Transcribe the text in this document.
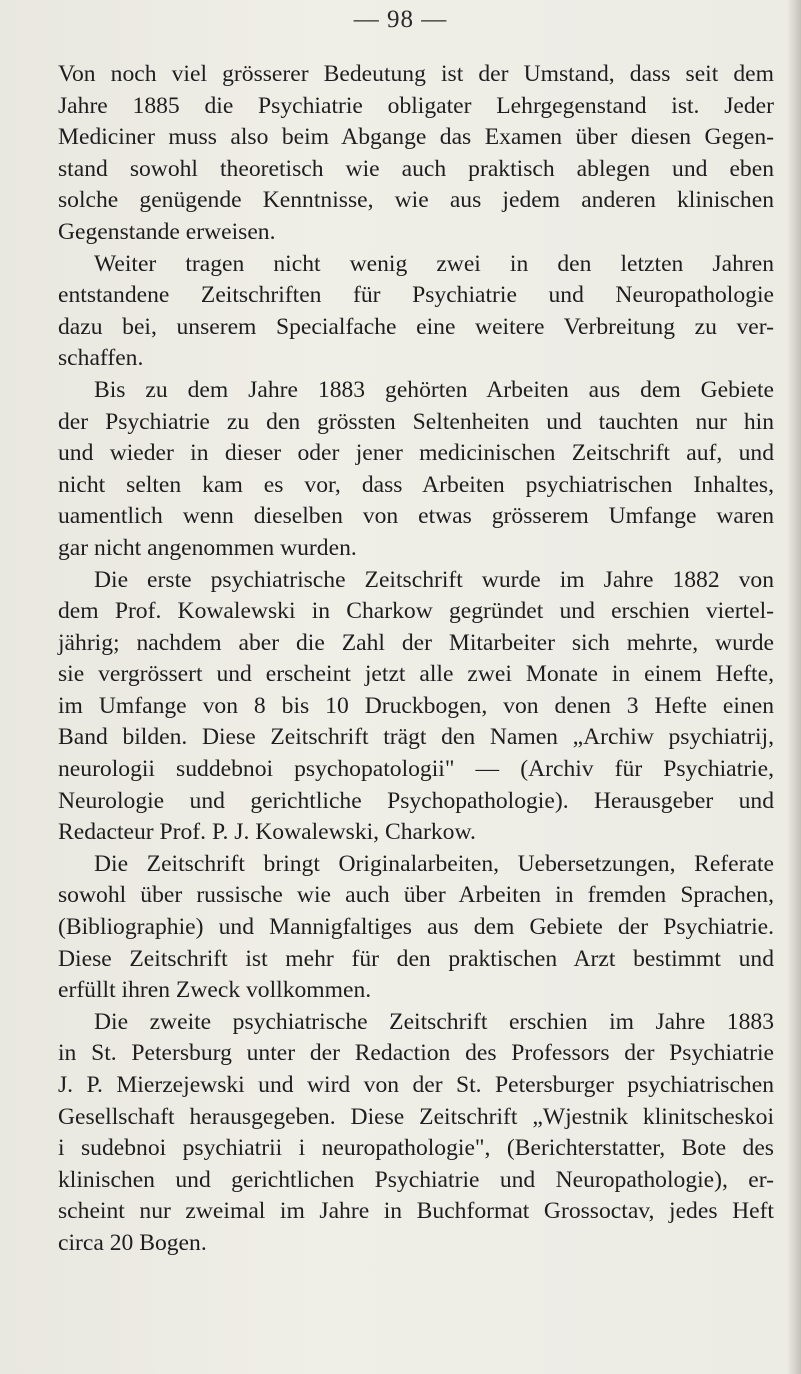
— 98 —
Von noch viel grösserer Bedeutung ist der Umstand, dass seit dem
Jahre 1885 die Psychiatrie obligater Lehrgegenstand ist. Jeder
Mediciner muss also beim Abgange das Examen über diesen Gegen-
stand sowohl theoretisch wie auch praktisch ablegen und eben
solche genügende Kenntnisse, wie aus jedem anderen klinischen
Gegenstande erweisen.
Weiter tragen nicht wenig zwei in den letzten Jahren
entstandene Zeitschriften für Psychiatrie und Neuropathologie
dazu bei, unserem Specialfache eine weitere Verbreitung zu ver-
schaffen.
Bis zu dem Jahre 1883 gehörten Arbeiten aus dem Gebiete
der Psychiatrie zu den grössten Seltenheiten und tauchten nur hin
und wieder in dieser oder jener medicinischen Zeitschrift auf, und
nicht selten kam es vor, dass Arbeiten psychiatrischen Inhaltes,
uamentlich wenn dieselben von etwas grösserem Umfange waren
gar nicht angenommen wurden.
Die erste psychiatrische Zeitschrift wurde im Jahre 1882 von
dem Prof. Kowalewski in Charkow gegründet und erschien viertel-
jährig; nachdem aber die Zahl der Mitarbeiter sich mehrte, wurde
sie vergrössert und erscheint jetzt alle zwei Monate in einem Hefte,
im Umfange von 8 bis 10 Druckbogen, von denen 3 Hefte einen
Band bilden. Diese Zeitschrift trägt den Namen „Archiw psychiatrij,
neurologii suddebnoi psychopatologii" — (Archiv für Psychiatrie,
Neurologie und gerichtliche Psychopathologie). Herausgeber und
Redacteur Prof. P. J. Kowalewski, Charkow.
Die Zeitschrift bringt Originalarbeiten, Uebersetzungen, Referate
sowohl über russische wie auch über Arbeiten in fremden Sprachen,
(Bibliographie) und Mannigfaltiges aus dem Gebiete der Psychiatrie.
Diese Zeitschrift ist mehr für den praktischen Arzt bestimmt und
erfüllt ihren Zweck vollkommen.
Die zweite psychiatrische Zeitschrift erschien im Jahre 1883
in St. Petersburg unter der Redaction des Professors der Psychiatrie
J. P. Mierzejewski und wird von der St. Petersburger psychiatrischen
Gesellschaft herausgegeben. Diese Zeitschrift „Wjestnik klinitscheskoi
i sudebnoi psychiatrii i neuropathologie", (Berichterstatter, Bote des
klinischen und gerichtlichen Psychiatrie und Neuropathologie), er-
scheint nur zweimal im Jahre in Buchformat Grossoctav, jedes Heft
circa 20 Bogen.
